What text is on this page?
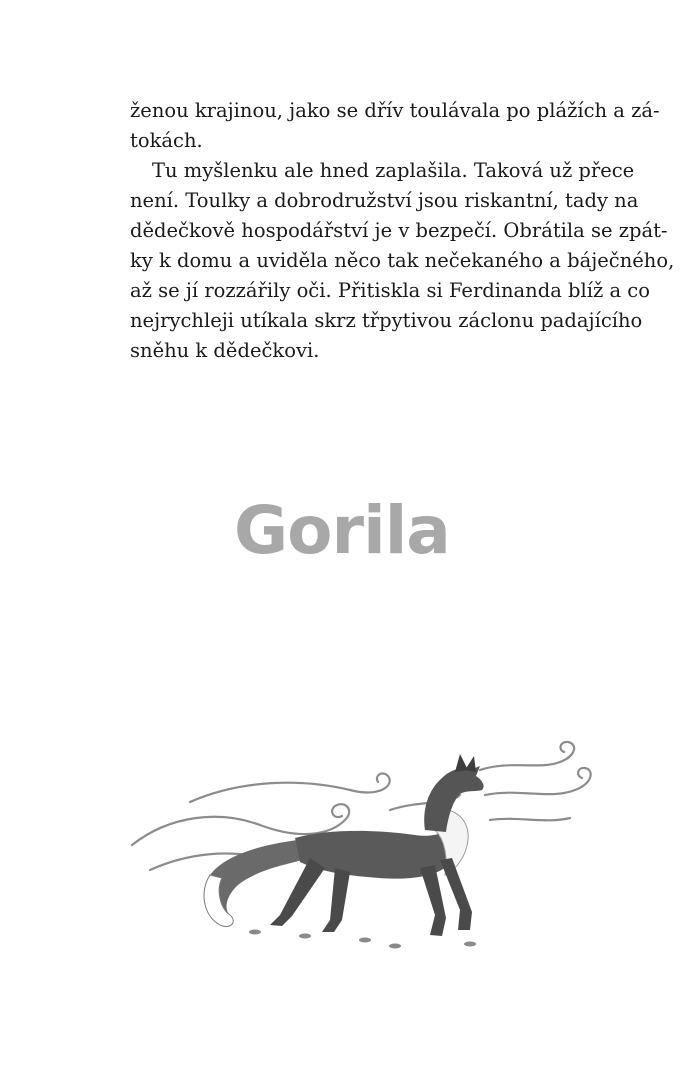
ženou krajinou, jako se dřív toulávala po plážích a zá-
tokách.
Tu myšlenku ale hned zaplašila. Taková už přece
není. Toulky a dobrodružství jsou riskantní, tady na
dědečkově hospodářství je v bezpečí. Obrátila se zpát-
ky k domu a uviděla něco tak nečekaného a báječného,
až se jí rozzářily oči. Přitiskla si Ferdinanda blíž a co
nejrychleji utíkala skrz třpytivou záclonu padajícího
sněhu k dědečkovi.
Gorila
